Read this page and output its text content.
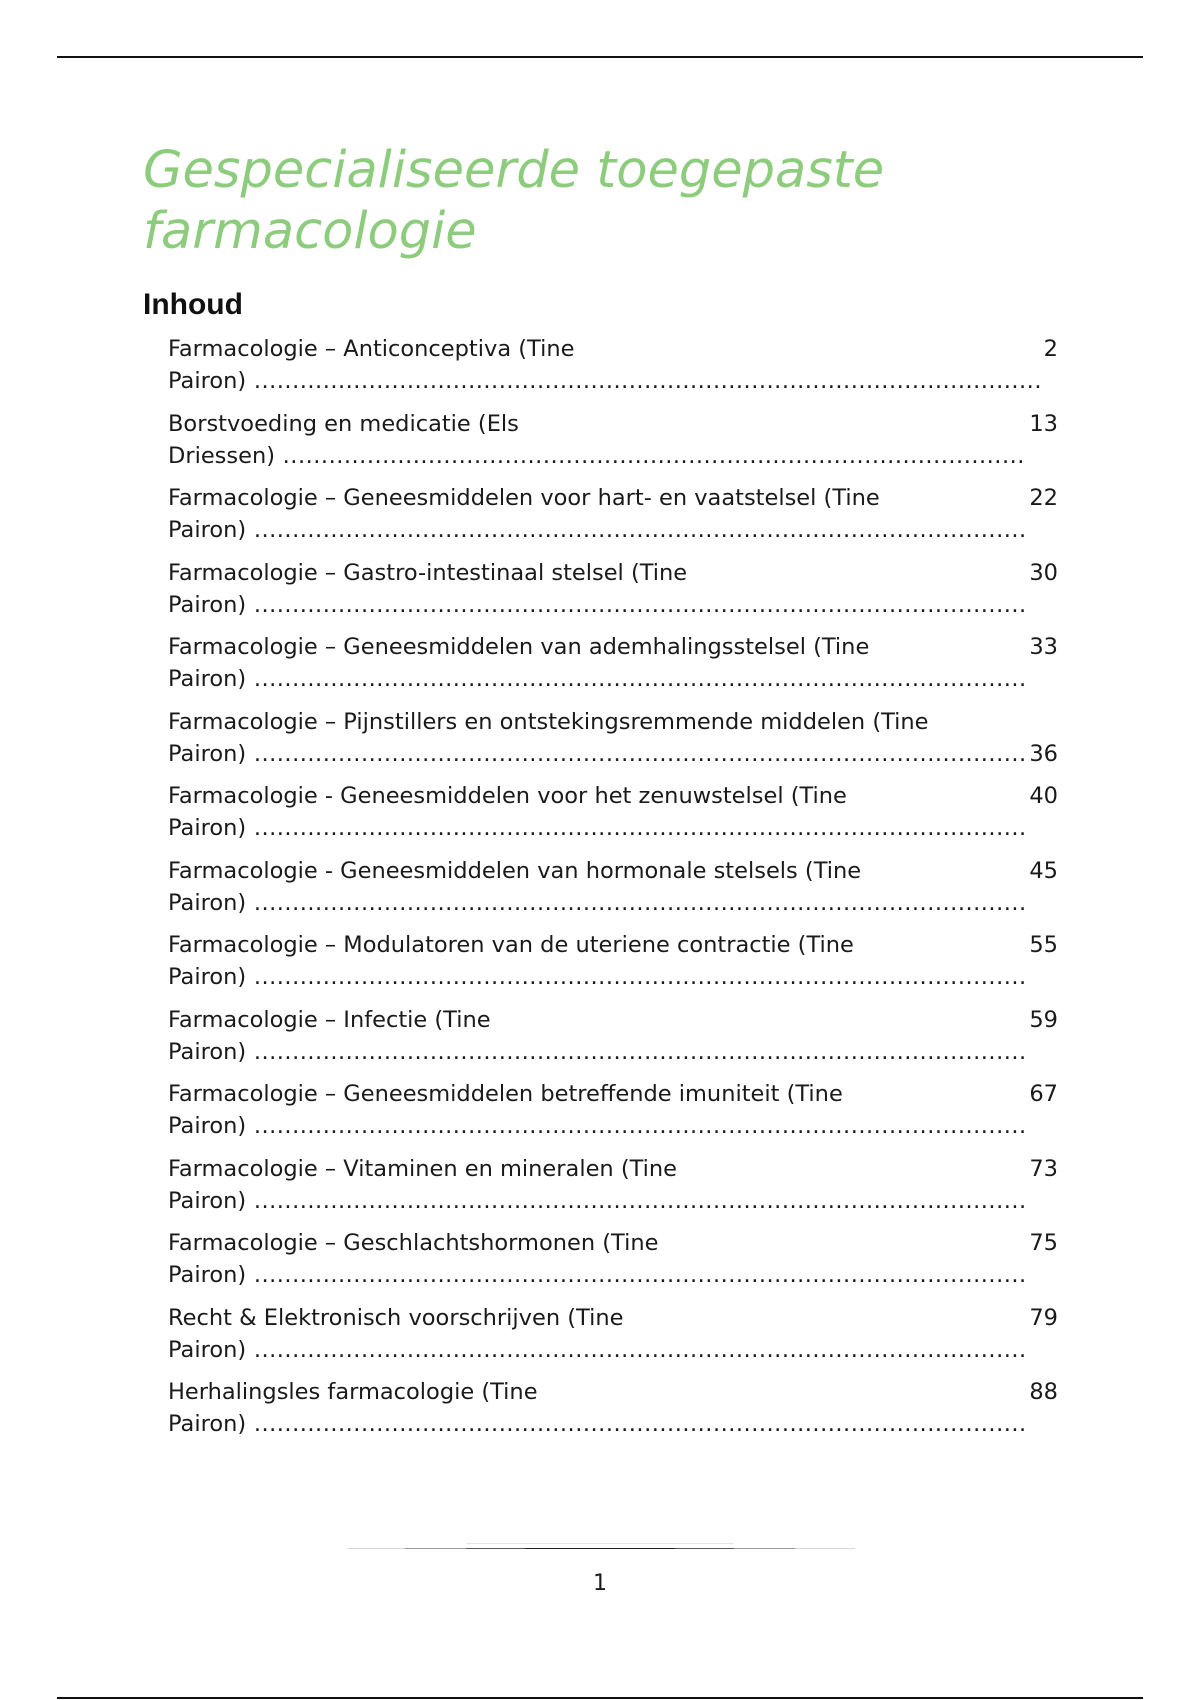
Gespecialiseerde toegepaste
farmacologie
Inhoud
2
Farmacologie – Anticonceptiva (Tine Pairon) .....
13
Borstvoeding en medicatie (Els Driessen) .....
22
Farmacologie – Geneesmiddelen voor hart- en vaatstelsel (Tine Pairon) .....
30
Farmacologie – Gastro-intestinaal stelsel (Tine Pairon) .....
33
Farmacologie – Geneesmiddelen van ademhalingsstelsel (Tine Pairon) .....
Farmacologie – Pijnstillers en ontstekingsremmende middelen (Tine
36
Pairon) .....
40
Farmacologie - Geneesmiddelen voor het zenuwstelsel (Tine Pairon) .....
45
Farmacologie - Geneesmiddelen van hormonale stelsels (Tine Pairon) .....
55
Farmacologie – Modulatoren van de uteriene contractie (Tine Pairon) .....
59
Farmacologie – Infectie (Tine Pairon) .....
67
Farmacologie – Geneesmiddelen betreffende imuniteit (Tine Pairon) .....
73
Farmacologie – Vitaminen en mineralen (Tine Pairon) .....
75
Farmacologie – Geschlachtshormonen (Tine Pairon) .....
79
Recht & Elektronisch voorschrijven (Tine Pairon) .....
88
Herhalingsles farmacologie (Tine Pairon) .....
1
